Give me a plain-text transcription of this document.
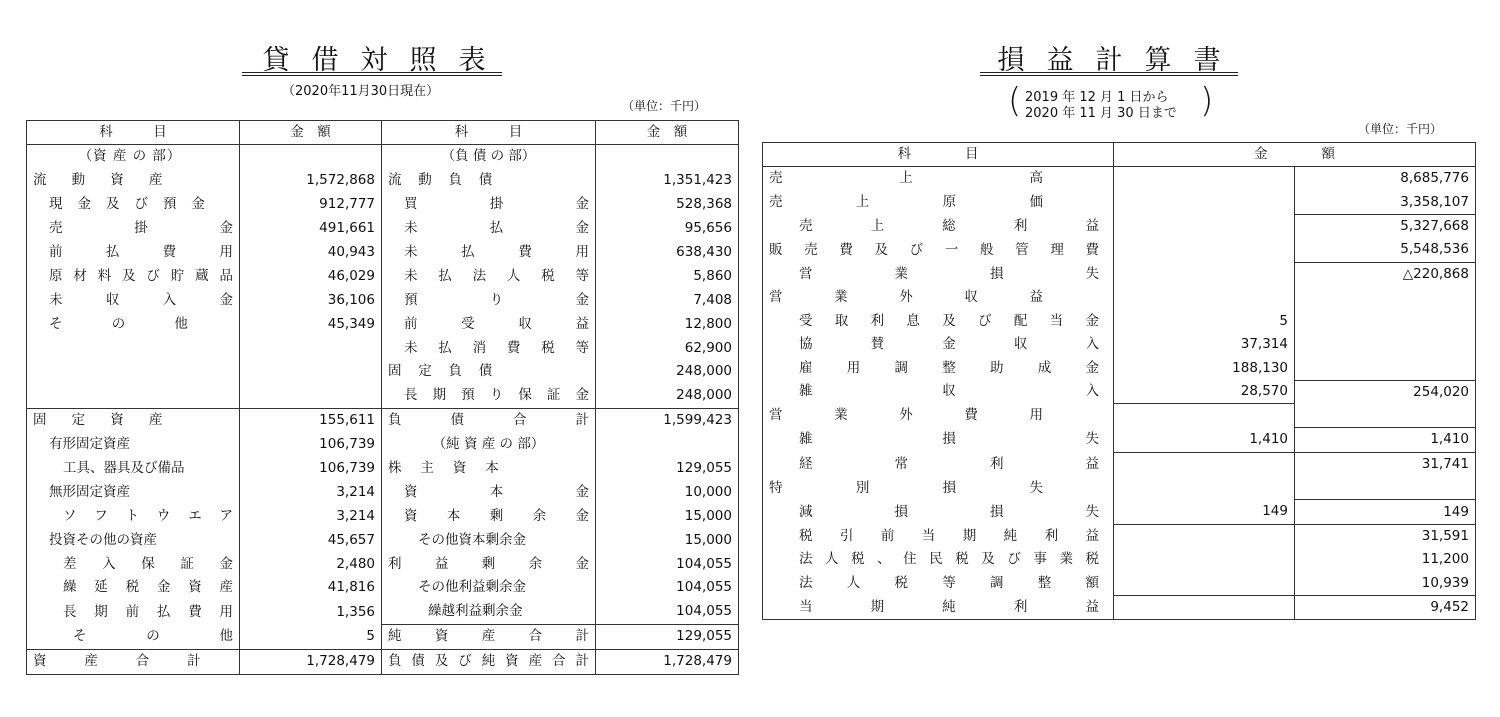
貸借対照表
（2020年11月30日現在）
（単位：千円）
科　　　目	金　額	科　　　目	金　額
（資 産 の 部）		（負 債 の 部）	
流動資産	1,572,868	流動負債	1,351,423
現金及び預金	912,777	買掛金	528,368
売掛金	491,661	未払金	95,656
前払費用	40,943	未払費用	638,430
原材料及び貯蔵品	46,029	未払法人税等	5,860
未収入金	36,106	預り金	7,408
その他	45,349	前受収益	12,800
		未払消費税等	62,900
		固定負債	248,000
		長期預り保証金	248,000
固定資産	155,611	負債合計	1,599,423
有形固定資産	106,739	（純 資 産 の 部）	
工具、器具及び備品	106,739	株主資本	129,055
無形固定資産	3,214	資本金	10,000
ソフトウエア	3,214	資本剰余金	15,000
投資その他の資産	45,657	その他資本剰余金	15,000
差入保証金	2,480	利益剰余金	104,055
繰延税金資産	41,816	その他利益剰余金	104,055
長期前払費用	1,356	繰越利益剰余金	104,055
その他	5	純資産合計	129,055
資産合計	1,728,479	負債及び純資産合計	1,728,479
損益計算書
( 2019 年 12 月 1 日から
2020 年 11 月 30 日まで )
（単位：千円）
科　　　　目	金　　　　額	
売上高		8,685,776
売上原価		3,358,107
売上総利益		5,327,668
販売費及び一般管理費		5,548,536
営業損失		△220,868
営業外収益		
受取利息及び配当金	5	
協賛金収入	37,314	
雇用調整助成金	188,130	
雑収入	28,570	254,020
営業外費用		
雑損失	1,410	1,410
経常利益		31,741
特別損失		
減損損失	149	149
税引前当期純利益		31,591
法人税、住民税及び事業税		11,200
法人税等調整額		10,939
当期純利益		9,452
